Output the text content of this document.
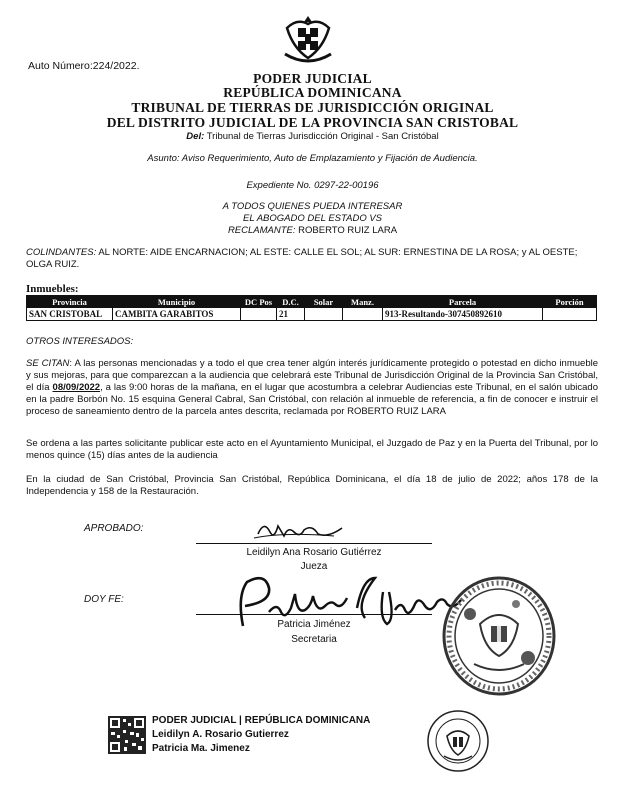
Auto Número:224/2022.
PODER JUDICIAL
REPÚBLICA DOMINICANA
TRIBUNAL DE TIERRAS DE JURISDICCIÓN ORIGINAL
DEL DISTRITO JUDICIAL DE LA PROVINCIA SAN CRISTOBAL
Del: Tribunal de Tierras Jurisdicción Original - San Cristóbal
Asunto: Aviso Requerimiento, Auto de Emplazamiento y Fijación de Audiencia.
Expediente No. 0297-22-00196
A TODOS QUIENES PUEDA INTERESAR
EL ABOGADO DEL ESTADO VS
RECLAMANTE: ROBERTO RUIZ LARA
COLINDANTES: AL NORTE: AIDE ENCARNACION; AL ESTE: CALLE EL SOL; AL SUR: ERNESTINA DE LA ROSA; y AL OESTE; OLGA RUIZ.
Inmuebles:
Provincia	Municipio	DC Pos	D.C.	Solar	Manz.	Parcela	Porción
SAN CRISTOBAL	CAMBITA GARABITOS		21			913-Resultando-307450892610	
OTROS INTERESADOS:
SE CITAN: A las personas mencionadas y a todo el que crea tener algún interés jurídicamente protegido o potestad en dicho inmueble y sus mejoras, para que comparezcan a la audiencia que celebrará este Tribunal de Jurisdicción Original de la Provincia San Cristóbal, el día 08/09/2022, a las 9:00 horas de la mañana, en el lugar que acostumbra a celebrar Audiencias este Tribunal, en el salón ubicado en la padre Borbón No. 15 esquina General Cabral, San Cristóbal, con relación al inmueble de referencia, a fin de conocer e instruir el proceso de saneamiento dentro de la parcela antes descrita, reclamada por ROBERTO RUIZ LARA
Se ordena a las partes solicitante publicar este acto en el Ayuntamiento Municipal, el Juzgado de Paz y en la Puerta del Tribunal, por lo menos quince (15) días antes de la audiencia
En la ciudad de San Cristóbal, Provincia San Cristóbal, República Dominicana, el día 18 de julio de 2022; años 178 de la Independencia y 158 de la Restauración.
APROBADO:
Leidilyn Ana Rosario Gutiérrez
Jueza
DOY FE:
Patricia Jiménez
Secretaria
PODER JUDICIAL | REPÚBLICA DOMINICANA
Leidilyn A. Rosario Gutierrez
Patricia Ma. Jimenez
